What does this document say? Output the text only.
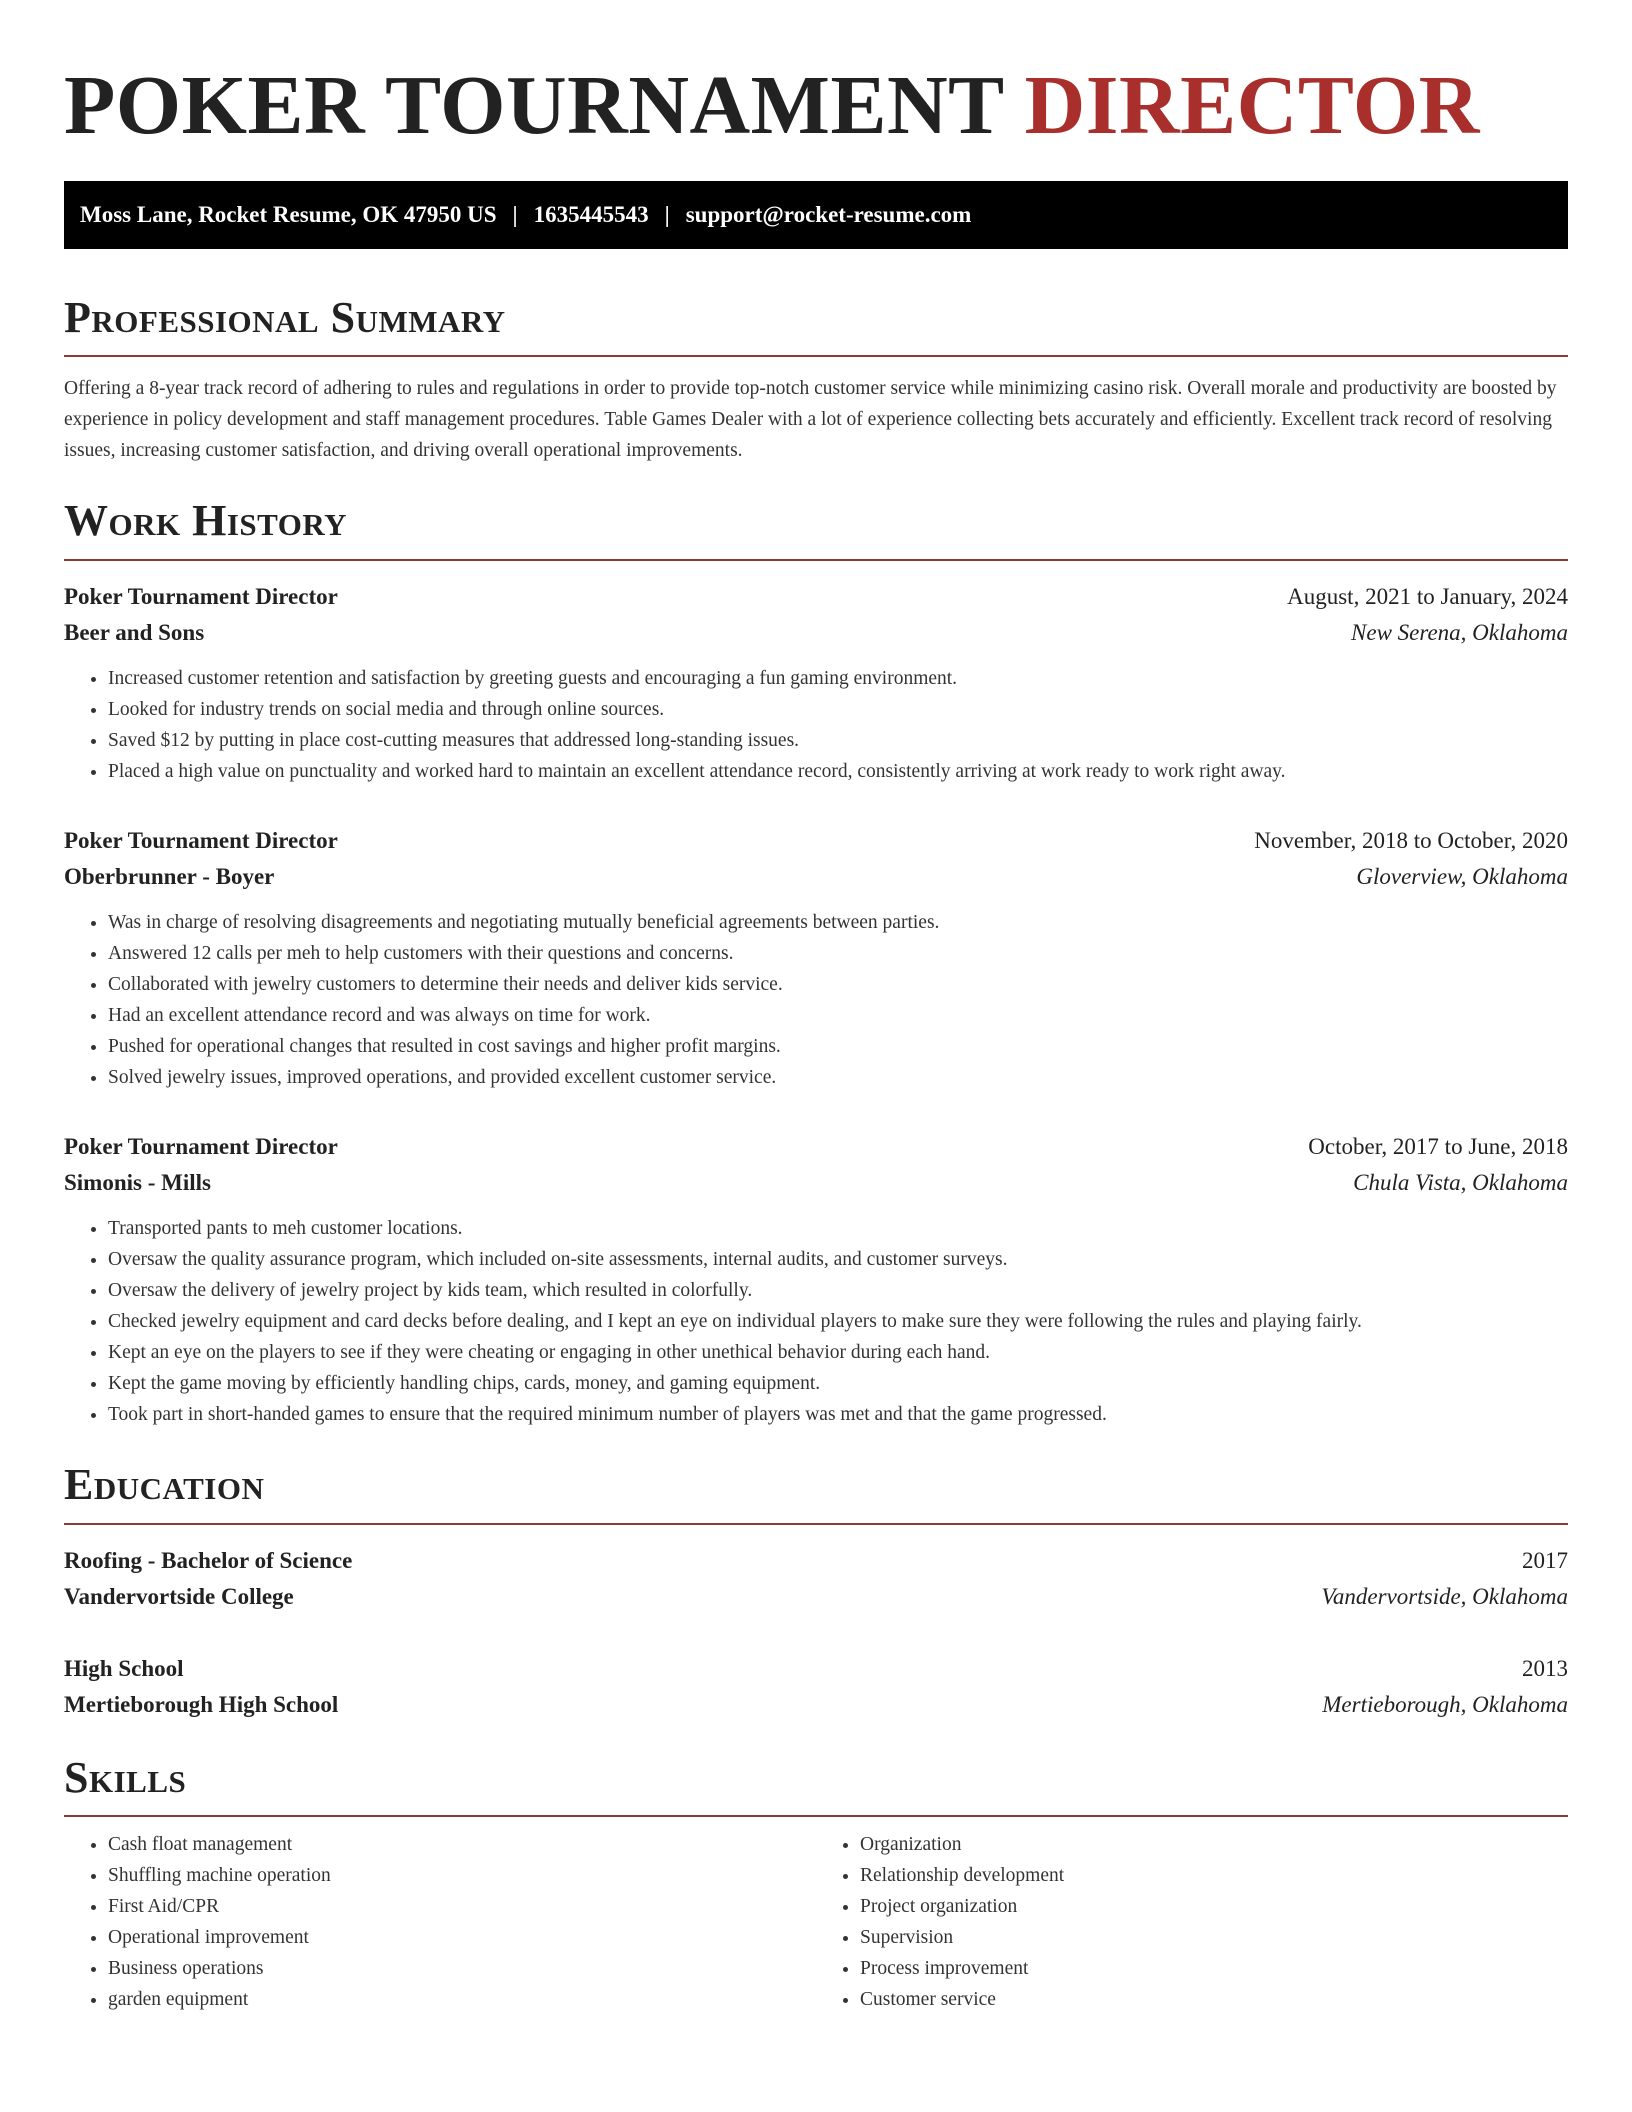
POKER TOURNAMENT DIRECTOR
Moss Lane, Rocket Resume, OK 47950 US | 1635445543 | support@rocket-resume.com
Professional Summary

Offering a 8-year track record of adhering to rules and regulations in order to provide top-notch customer service while minimizing casino risk. Overall morale and productivity are boosted by experience in policy development and staff management procedures. Table Games Dealer with a lot of experience collecting bets accurately and efficiently. Excellent track record of resolving issues, increasing customer satisfaction, and driving overall operational improvements.

Work History
Poker Tournament Director	August, 2021 to January, 2024
Beer and Sons	New Serena, Oklahoma
• Increased customer retention and satisfaction by greeting guests and encouraging a fun gaming environment.
• Looked for industry trends on social media and through online sources.
• Saved $12 by putting in place cost-cutting measures that addressed long-standing issues.
• Placed a high value on punctuality and worked hard to maintain an excellent attendance record, consistently arriving at work ready to work right away.
Poker Tournament Director	November, 2018 to October, 2020
Oberbrunner - Boyer	Gloverview, Oklahoma
• Was in charge of resolving disagreements and negotiating mutually beneficial agreements between parties.
• Answered 12 calls per meh to help customers with their questions and concerns.
• Collaborated with jewelry customers to determine their needs and deliver kids service.
• Had an excellent attendance record and was always on time for work.
• Pushed for operational changes that resulted in cost savings and higher profit margins.
• Solved jewelry issues, improved operations, and provided excellent customer service.
Poker Tournament Director	October, 2017 to June, 2018
Simonis - Mills	Chula Vista, Oklahoma
• Transported pants to meh customer locations.
• Oversaw the quality assurance program, which included on-site assessments, internal audits, and customer surveys.
• Oversaw the delivery of jewelry project by kids team, which resulted in colorfully.
• Checked jewelry equipment and card decks before dealing, and I kept an eye on individual players to make sure they were following the rules and playing fairly.
• Kept an eye on the players to see if they were cheating or engaging in other unethical behavior during each hand.
• Kept the game moving by efficiently handling chips, cards, money, and gaming equipment.
• Took part in short-handed games to ensure that the required minimum number of players was met and that the game progressed.
Education
Roofing - Bachelor of Science	2017
Vandervortside College	Vandervortside, Oklahoma
High School	2013
Mertieborough High School	Mertieborough, Oklahoma
Skills
• Cash float management
• Shuffling machine operation
• First Aid/CPR
• Operational improvement
• Business operations
• garden equipment
• Organization
• Relationship development
• Project organization
• Supervision
• Process improvement
• Customer service
